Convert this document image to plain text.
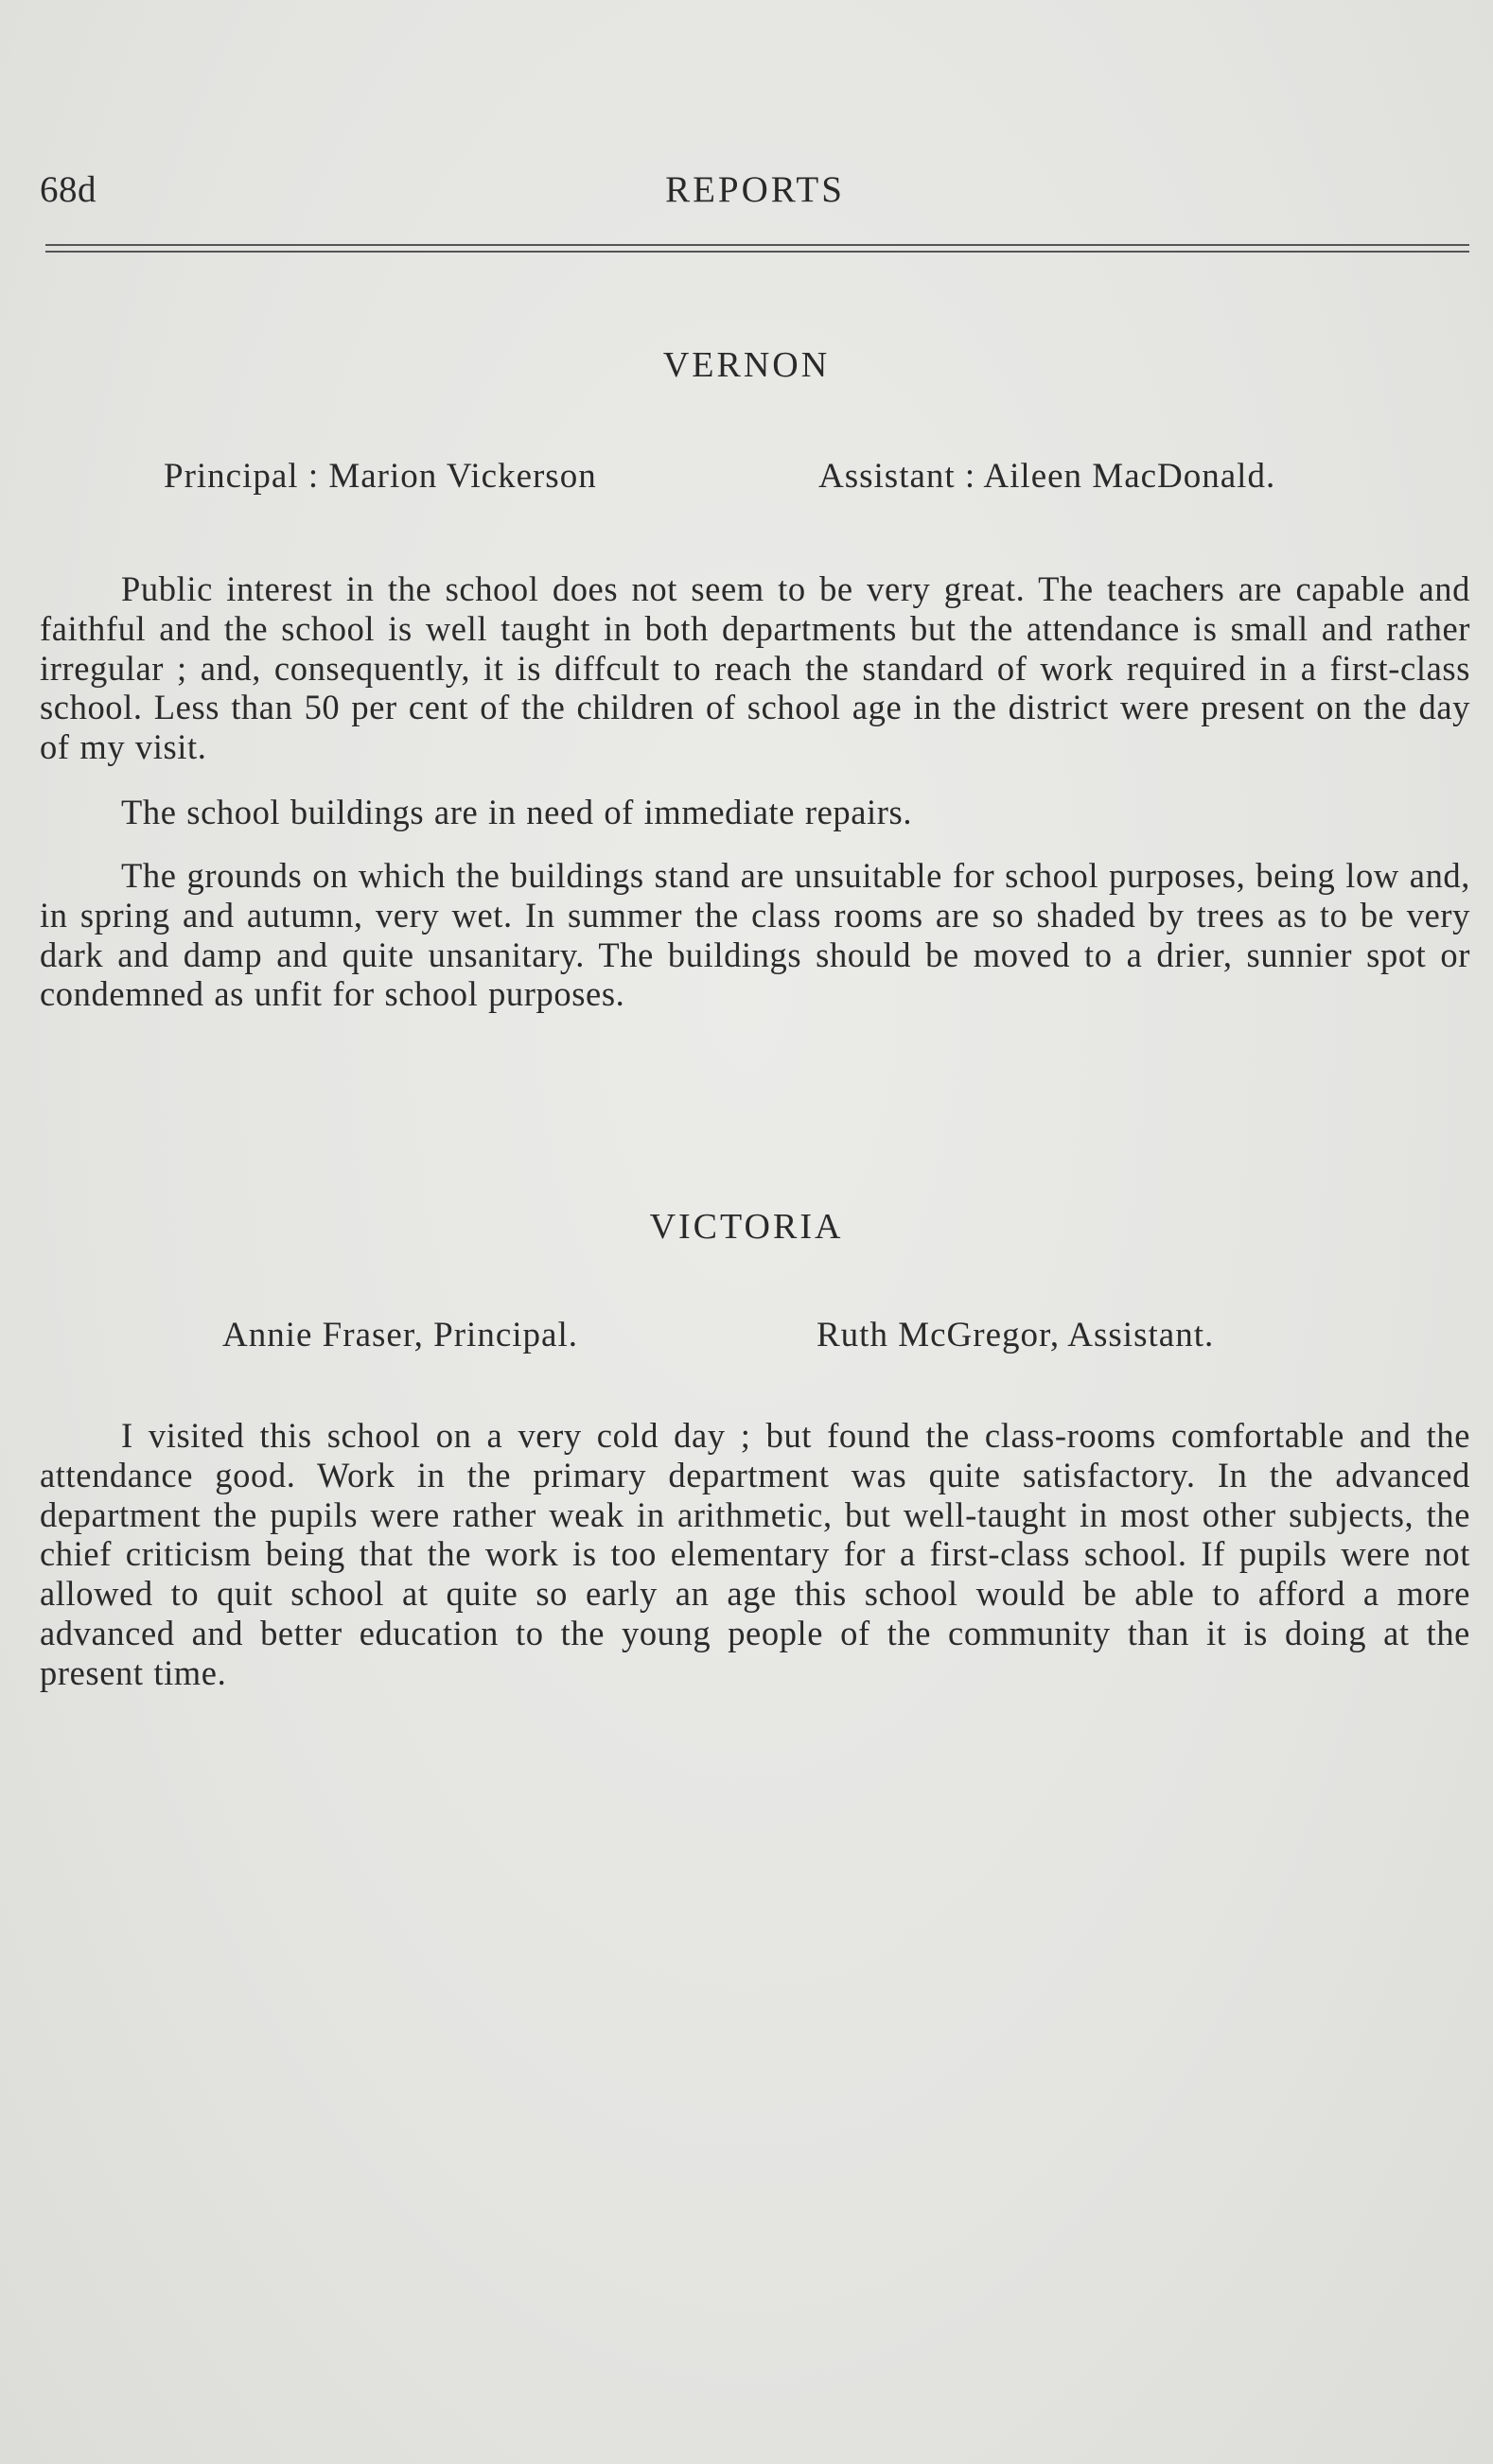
68d	REPORTS
VERNON
Principal : Marion Vickerson	Assistant : Aileen MacDonald.

Public interest in the school does not seem to be very great. The teachers are capable and faithful and the school is well taught in both departments but the attendance is small and rather irregular ; and, consequently, it is diffcult to reach the standard of work required in a first-class school. Less than 50 per cent of the children of school age in the district were present on the day of my visit.

The school buildings are in need of immediate repairs.

The grounds on which the buildings stand are unsuitable for school purposes, being low and, in spring and autumn, very wet. In summer the class rooms are so shaded by trees as to be very dark and damp and quite unsanitary. The buildings should be moved to a drier, sunnier spot or condemned as unfit for school purposes.

VICTORIA
Annie Fraser, Principal.	Ruth McGregor, Assistant.

I visited this school on a very cold day ; but found the class-rooms comfortable and the attendance good. Work in the primary department was quite satisfactory. In the advanced department the pupils were rather weak in arithmetic, but well-taught in most other subjects, the chief criticism being that the work is too elementary for a first-class school. If pupils were not allowed to quit school at quite so early an age this school would be able to afford a more advanced and better education to the young people of the community than it is doing at the present time.
